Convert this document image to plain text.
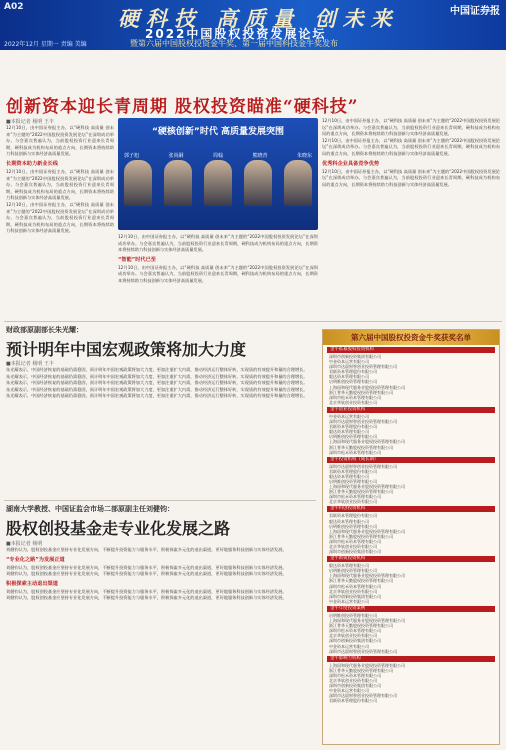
A02	中国证券报
硬科技 高质量 创未来
2022中国股权投资发展论坛
暨第六届中国股权投资金牛奖、第一届中国科技金牛奖发布
2022年12月 星期一 责编 美编
创新资本迎长青周期 股权投资瞄准“硬科技”
■本报记者 杨明 王丰
12月10日，由中国证券报主办，以“硬科技 高质量 创未来”为主题的“2022中国股权投资发展论坛”在深圳成功举办。与会嘉宾普遍认为，当前股权投资行业迎来长青周期，硬科技成为机构布局的重点方向，长期资本将持续助力科技创新与实体经济高质量发展。
长期资本助力新业长线
12月10日，由中国证券报主办，以“硬科技 高质量 创未来”为主题的“2022中国股权投资发展论坛”在深圳成功举办。与会嘉宾普遍认为，当前股权投资行业迎来长青周期，硬科技成为机构布局的重点方向，长期资本将持续助力科技创新与实体经济高质量发展。
12月10日，由中国证券报主办，以“硬科技 高质量 创未来”为主题的“2022中国股权投资发展论坛”在深圳成功举办。与会嘉宾普遍认为，当前股权投资行业迎来长青周期，硬科技成为机构布局的重点方向，长期资本将持续助力科技创新与实体经济高质量发展。
“硬核创新”时代 高质量发展突围
郭子旭	张尚嗣	周翰	熊晓青	朱晓东
12月10日，由中国证券报主办，以“硬科技 高质量 创未来”为主题的“2022中国股权投资发展论坛”在深圳成功举办。与会嘉宾普遍认为，当前股权投资行业迎来长青周期，硬科技成为机构布局的重点方向，长期资本将持续助力科技创新与实体经济高质量发展。
“智能”时代已至
12月10日，由中国证券报主办，以“硬科技 高质量 创未来”为主题的“2022中国股权投资发展论坛”在深圳成功举办。与会嘉宾普遍认为，当前股权投资行业迎来长青周期，硬科技成为机构布局的重点方向，长期资本将持续助力科技创新与实体经济高质量发展。
12月10日，由中国证券报主办，以“硬科技 高质量 创未来”为主题的“2022中国股权投资发展论坛”在深圳成功举办。与会嘉宾普遍认为，当前股权投资行业迎来长青周期，硬科技成为机构布局的重点方向，长期资本将持续助力科技创新与实体经济高质量发展。
12月10日，由中国证券报主办，以“硬科技 高质量 创未来”为主题的“2022中国股权投资发展论坛”在深圳成功举办。与会嘉宾普遍认为，当前股权投资行业迎来长青周期，硬科技成为机构布局的重点方向，长期资本将持续助力科技创新与实体经济高质量发展。
优秀科企业具备竞争优势
12月10日，由中国证券报主办，以“硬科技 高质量 创未来”为主题的“2022中国股权投资发展论坛”在深圳成功举办。与会嘉宾普遍认为，当前股权投资行业迎来长青周期，硬科技成为机构布局的重点方向，长期资本将持续助力科技创新与实体经济高质量发展。
财政部原副部长朱光耀：
预计明年中国宏观政策将加大力度
■本报记者 杨明 王丰
朱光耀表示，中国经济恢复的基础仍需稳固，预计明年中国宏观政策将加大力度，更加注重扩大内需，推动经济运行整体好转，实现质的有效提升和量的合理增长。
朱光耀表示，中国经济恢复的基础仍需稳固，预计明年中国宏观政策将加大力度，更加注重扩大内需，推动经济运行整体好转，实现质的有效提升和量的合理增长。
朱光耀表示，中国经济恢复的基础仍需稳固，预计明年中国宏观政策将加大力度，更加注重扩大内需，推动经济运行整体好转，实现质的有效提升和量的合理增长。
朱光耀表示，中国经济恢复的基础仍需稳固，预计明年中国宏观政策将加大力度，更加注重扩大内需，推动经济运行整体好转，实现质的有效提升和量的合理增长。
朱光耀表示，中国经济恢复的基础仍需稳固，预计明年中国宏观政策将加大力度，更加注重扩大内需，推动经济运行整体好转，实现质的有效提升和量的合理增长。
湖南大学教授、中国证监会市场二部原副主任刘健钧：
股权创投基金走专业化发展之路
■本报记者 杨明
刘健钧认为，股权创投基金应坚持专业化发展方向，不断提升投资能力与服务水平，积极探索多元化的退出渠道，更好地服务科技创新与实体经济发展。
“专业化之路”为发展正道
刘健钧认为，股权创投基金应坚持专业化发展方向，不断提升投资能力与服务水平，积极探索多元化的退出渠道，更好地服务科技创新与实体经济发展。
刘健钧认为，股权创投基金应坚持专业化发展方向，不断提升投资能力与服务水平，积极探索多元化的退出渠道，更好地服务科技创新与实体经济发展。
积极探索主动退出渠道
刘健钧认为，股权创投基金应坚持专业化发展方向，不断提升投资能力与服务水平，积极探索多元化的退出渠道，更好地服务科技创新与实体经济发展。
刘健钧认为，股权创投基金应坚持专业化发展方向，不断提升投资能力与服务水平，积极探索多元化的退出渠道，更好地服务科技创新与实体经济发展。
第六届中国股权投资金牛奖获奖名单
金牛私募股权投资机构
深圳市创新投资集团有限公司
中金资本运营有限公司
深圳市达晨财智创业投资管理有限公司
君联资本管理股份有限公司
毅达资本管理有限公司
启明维创投资管理有限公司
上海国和现代服务业股权投资管理有限公司
浙江普华天勤股权投资管理有限公司
深圳市松禾资本管理有限公司
北京华软创业投资有限公司
金牛创业投资机构
中金资本运营有限公司
深圳市达晨财智创业投资管理有限公司
君联资本管理股份有限公司
毅达资本管理有限公司
启明维创投资管理有限公司
上海国和现代服务业股权投资管理有限公司
浙江普华天勤股权投资管理有限公司
深圳市松禾资本管理有限公司
金牛投资机构（成长期）
深圳市达晨财智创业投资管理有限公司
君联资本管理股份有限公司
毅达资本管理有限公司
启明维创投资管理有限公司
上海国和现代服务业股权投资管理有限公司
浙江普华天勤股权投资管理有限公司
深圳市松禾资本管理有限公司
北京华软创业投资有限公司
金牛科创投资机构
君联资本管理股份有限公司
毅达资本管理有限公司
启明维创投资管理有限公司
上海国和现代服务业股权投资管理有限公司
浙江普华天勤股权投资管理有限公司
深圳市松禾资本管理有限公司
北京华软创业投资有限公司
深圳市创新投资集团有限公司
金牛新锐投资机构
毅达资本管理有限公司
启明维创投资管理有限公司
上海国和现代服务业股权投资管理有限公司
浙江普华天勤股权投资管理有限公司
深圳市松禾资本管理有限公司
北京华软创业投资有限公司
深圳市创新投资集团有限公司
中金资本运营有限公司
金牛年度投资案例
启明维创投资管理有限公司
上海国和现代服务业股权投资管理有限公司
浙江普华天勤股权投资管理有限公司
深圳市松禾资本管理有限公司
北京华软创业投资有限公司
深圳市创新投资集团有限公司
中金资本运营有限公司
深圳市达晨财智创业投资管理有限公司
金牛影响力机构
上海国和现代服务业股权投资管理有限公司
浙江普华天勤股权投资管理有限公司
深圳市松禾资本管理有限公司
北京华软创业投资有限公司
深圳市创新投资集团有限公司
中金资本运营有限公司
深圳市达晨财智创业投资管理有限公司
君联资本管理股份有限公司
